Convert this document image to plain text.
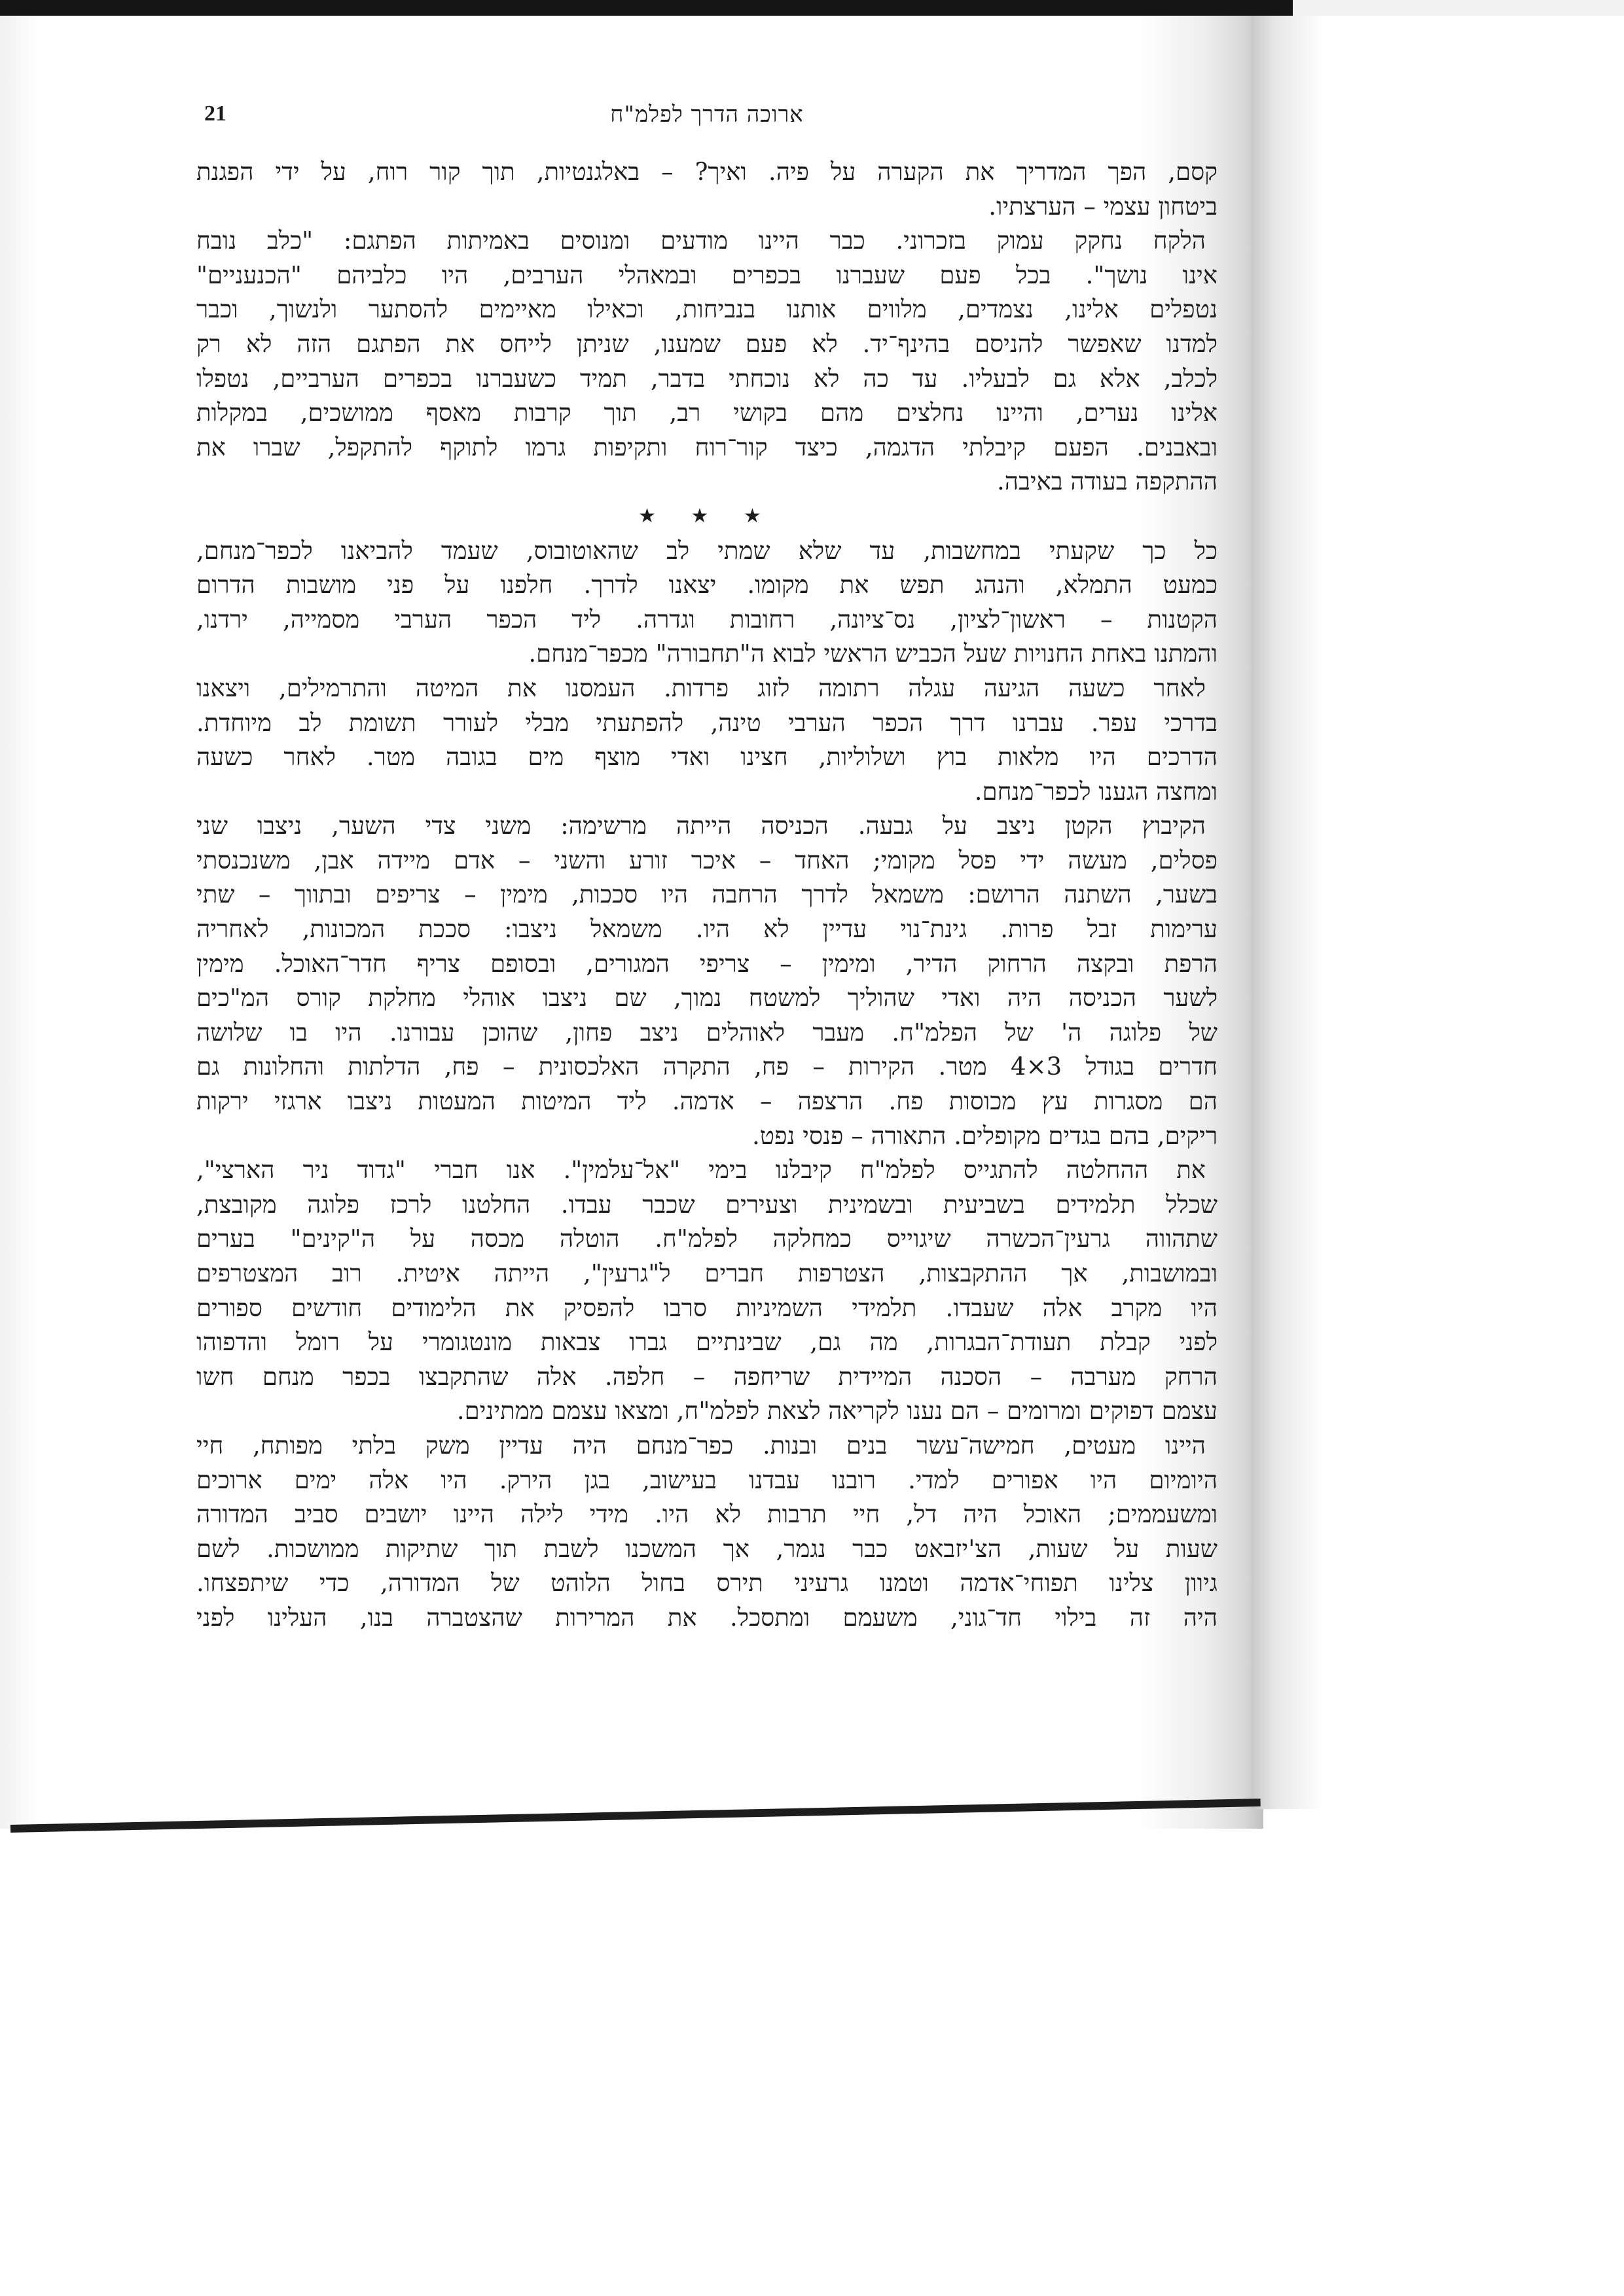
21	ארוכה הדרך לפלמ"ח
קסם, הפך המדריך את הקערה על פיה. ואיך? – באלגנטיות, תוך קור רוח, על ידי הפגנת
ביטחון עצמי – הערצתיו.
הלקח נחקק עמוק בזכרוני. כבר היינו מודעים ומנוסים באמיתות הפתגם: "כלב נובח
אינו נושך". בכל פעם שעברנו בכפרים ובמאהלי הערבים, היו כלביהם "הכנעניים"
נטפלים אלינו, נצמדים, מלווים אותנו בנביחות, וכאילו מאיימים להסתער ולנשוך, וכבר
למדנו שאפשר להניסם בהינף־יד. לא פעם שמענו, שניתן לייחס את הפתגם הזה לא רק
לכלב, אלא גם לבעליו. עד כה לא נוכחתי בדבר, תמיד כשעברנו בכפרים הערביים, נטפלו
אלינו נערים, והיינו נחלצים מהם בקושי רב, תוך קרבות מאסף ממושכים, במקלות
ובאבנים. הפעם קיבלתי הדגמה, כיצד קור־רוח ותקיפות גרמו לתוקף להתקפל, שברו את
ההתקפה בעודה באיבה.
★ ★ ★
כל כך שקעתי במחשבות, עד שלא שמתי לב שהאוטובוס, שעמד להביאנו לכפר־מנחם,
כמעט התמלא, והנהג תפש את מקומו. יצאנו לדרך. חלפנו על פני מושבות הדרום
הקטנות – ראשון־לציון, נס־ציונה, רחובות וגדרה. ליד הכפר הערבי מסמייה, ירדנו,
והמתנו באחת החנויות שעל הכביש הראשי לבוא ה"תחבורה" מכפר־מנחם.
לאחר כשעה הגיעה עגלה רתומה לזוג פרדות. העמסנו את המיטה והתרמילים, ויצאנו
בדרכי עפר. עברנו דרך הכפר הערבי טינה, להפתעתי מבלי לעורר תשומת לב מיוחדת.
הדרכים היו מלאות בוץ ושלוליות, חצינו ואדי מוצף מים בגובה מטר. לאחר כשעה
ומחצה הגענו לכפר־מנחם.
הקיבוץ הקטן ניצב על גבעה. הכניסה הייתה מרשימה: משני צדי השער, ניצבו שני
פסלים, מעשה ידי פסל מקומי; האחד – איכר זורע והשני – אדם מיידה אבן, משנכנסתי
בשער, השתנה הרושם: משמאל לדרך הרחבה היו סככות, מימין – צריפים ובתווך – שתי
ערימות זבל פרות. גינת־נוי עדיין לא היו. משמאל ניצבו: סככת המכונות, לאחריה
הרפת ובקצה הרחוק הדיר, ומימין – צריפי המגורים, ובסופם צריף חדר־האוכל. מימין
לשער הכניסה היה ואדי שהוליך למשטח נמוך, שם ניצבו אוהלי מחלקת קורס המ"כים
של פלוגה ה' של הפלמ"ח. מעבר לאוהלים ניצב פחון, שהוכן עבורנו. היו בו שלושה
חדרים בגודל 3×4 מטר. הקירות – פח, התקרה האלכסונית – פח, הדלתות והחלונות גם
הם מסגרות עץ מכוסות פח. הרצפה – אדמה. ליד המיטות המעטות ניצבו ארגזי ירקות
ריקים, בהם בגדים מקופלים. התאורה – פנסי נפט.
את ההחלטה להתגייס לפלמ"ח קיבלנו בימי "אל־עלמין". אנו חברי "גדוד ניר הארצי",
שכלל תלמידים בשביעית ובשמינית וצעירים שכבר עבדו. החלטנו לרכז פלוגה מקובצת,
שתהווה גרעין־הכשרה שיגוייס כמחלקה לפלמ"ח. הוטלה מכסה על ה"קינים" בערים
ובמושבות, אך ההתקבצות, הצטרפות חברים ל"גרעין", הייתה איטית. רוב המצטרפים
היו מקרב אלה שעבדו. תלמידי השמיניות סרבו להפסיק את הלימודים חודשים ספורים
לפני קבלת תעודת־הבגרות, מה גם, שבינתיים גברו צבאות מונטגומרי על רומל והדפוהו
הרחק מערבה – הסכנה המיידית שריחפה – חלפה. אלה שהתקבצו בכפר מנחם חשו
עצמם דפוקים ומרומים – הם נענו לקריאה לצאת לפלמ"ח, ומצאו עצמם ממתינים.
היינו מעטים, חמישה־עשר בנים ובנות. כפר־מנחם היה עדיין משק בלתי מפותח, חיי
היומיום היו אפורים למדי. רובנו עבדנו בעישוב, בגן הירק. היו אלה ימים ארוכים
ומשעממים; האוכל היה דל, חיי תרבות לא היו. מידי לילה היינו יושבים סביב המדורה
שעות על שעות, הצ'יזבאט כבר נגמר, אך המשכנו לשבת תוך שתיקות ממושכות. לשם
גיוון צלינו תפוחי־אדמה וטמנו גרעיני תירס בחול הלוהט של המדורה, כדי שיתפצחו.
היה זה בילוי חד־גוני, משעמם ומתסכל. את המרירות שהצטברה בנו, העלינו לפני
